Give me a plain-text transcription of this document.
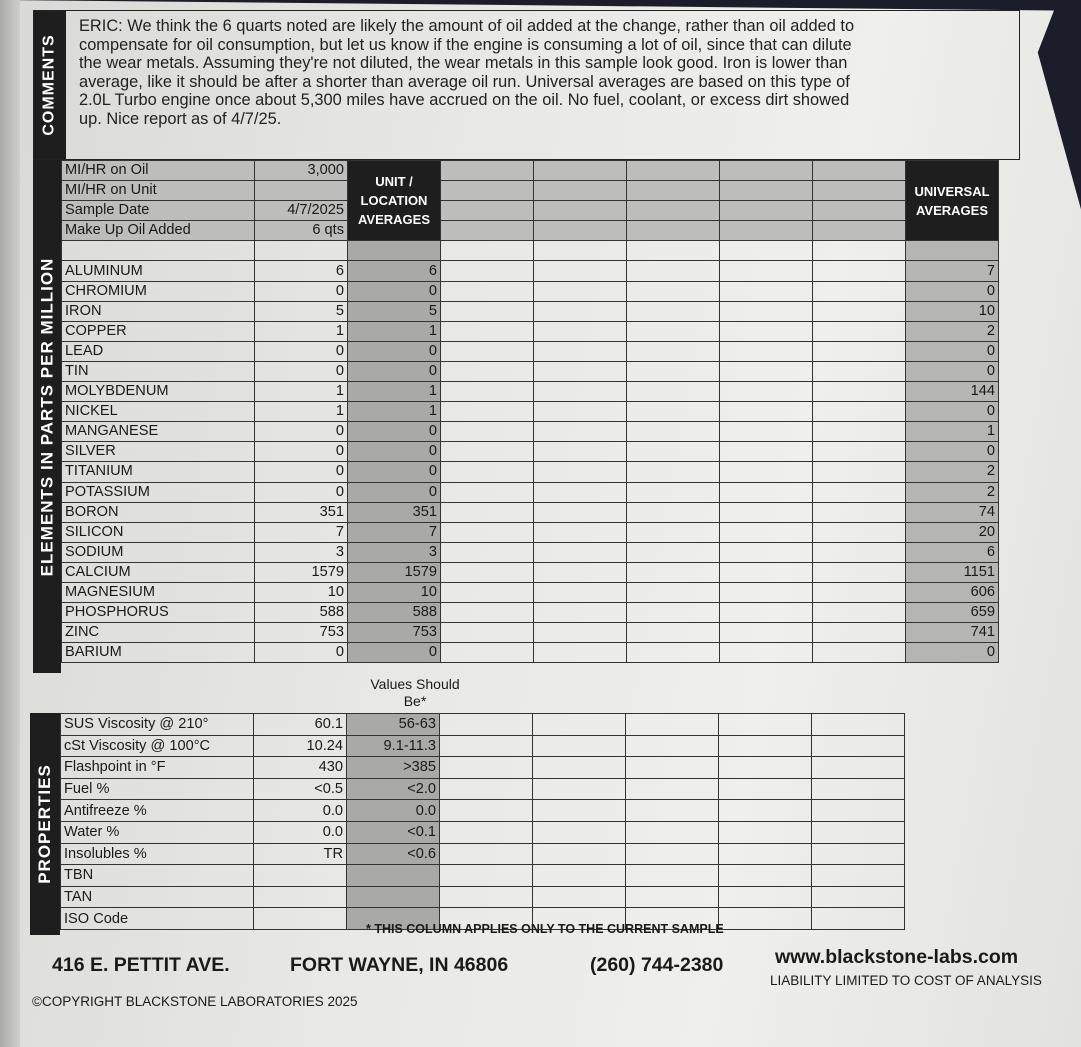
COMMENTS
ERIC: We think the 6 quarts noted are likely the amount of oil added at the change, rather than oil added to
compensate for oil consumption, but let us know if the engine is consuming a lot of oil, since that can dilute
the wear metals. Assuming they're not diluted, the wear metals in this sample look good. Iron is lower than
average, like it should be after a shorter than average oil run. Universal averages are based on this type of
2.0L Turbo engine once about 5,300 miles have accrued on the oil. No fuel, coolant, or excess dirt showed
up. Nice report as of 4/7/25.
ELEMENTS IN PARTS PER MILLION
MI/HR on Oil	3,000	UNIT / LOCATION AVERAGES						UNIVERSAL AVERAGES
MI/HR on Unit								
Sample Date	4/7/2025							
Make Up Oil Added	6 qts							

ALUMINUM	6	6						7
CHROMIUM	0	0						0
IRON	5	5						10
COPPER	1	1						2
LEAD	0	0						0
TIN	0	0						0
MOLYBDENUM	1	1						144
NICKEL	1	1						0
MANGANESE	0	0						1
SILVER	0	0						0
TITANIUM	0	0						2
POTASSIUM	0	0						2
BORON	351	351						74
SILICON	7	7						20
SODIUM	3	3						6
CALCIUM	1579	1579						1151
MAGNESIUM	10	10						606
PHOSPHORUS	588	588						659
ZINC	753	753						741
BARIUM	0	0						0
Values Should Be*
PROPERTIES
SUS Viscosity @ 210°	60.1	56-63					
cSt Viscosity @ 100°C	10.24	9.1-11.3					
Flashpoint in °F	430	>385					
Fuel %	<0.5	<2.0					
Antifreeze %	0.0	0.0					
Water %	0.0	<0.1					
Insolubles %	TR	<0.6					
TBN							
TAN							
ISO Code							
* THIS COLUMN APPLIES ONLY TO THE CURRENT SAMPLE
416 E. PETTIT AVE.	FORT WAYNE, IN 46806	(260) 744-2380	www.blackstone-labs.com
LIABILITY LIMITED TO COST OF ANALYSIS
©COPYRIGHT BLACKSTONE LABORATORIES 2025
